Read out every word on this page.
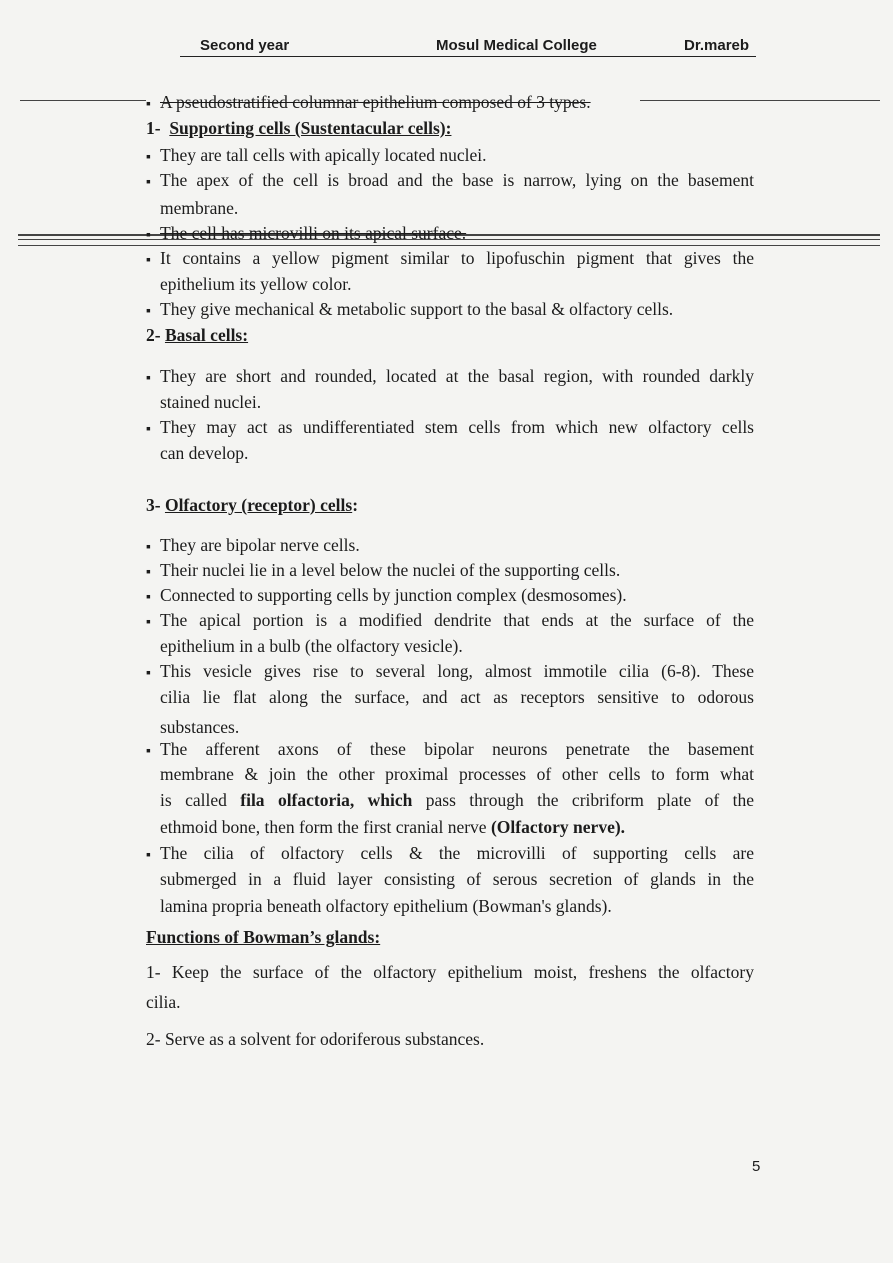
Second year	Mosul Medical College	Dr.mareb
▪ A pseudostratified columnar epithelium composed of 3 types.
1- Supporting cells (Sustentacular cells):
▪ They are tall cells with apically located nuclei.
▪ The apex of the cell is broad and the base is narrow, lying on the basement
membrane.
▪ The cell has microvilli on its apical surface.
▪ It contains a yellow pigment similar to lipofuschin pigment that gives the
epithelium its yellow color.
▪ They give mechanical & metabolic support to the basal & olfactory cells.
2- Basal cells:
▪ They are short and rounded, located at the basal region, with rounded darkly
stained nuclei.
▪ They may act as undifferentiated stem cells from which new olfactory cells
can develop.
3- Olfactory (receptor) cells:
▪ They are bipolar nerve cells.
▪ Their nuclei lie in a level below the nuclei of the supporting cells.
▪ Connected to supporting cells by junction complex (desmosomes).
▪ The apical portion is a modified dendrite that ends at the surface of the
epithelium in a bulb (the olfactory vesicle).
▪ This vesicle gives rise to several long, almost immotile cilia (6-8). These
cilia lie flat along the surface, and act as receptors sensitive to odorous
substances.
▪ The afferent axons of these bipolar neurons penetrate the basement
membrane & join the other proximal processes of other cells to form what
is called fila olfactoria, which pass through the cribriform plate of the
ethmoid bone, then form the first cranial nerve (Olfactory nerve).
▪ The cilia of olfactory cells & the microvilli of supporting cells are
submerged in a fluid layer consisting of serous secretion of glands in the
lamina propria beneath olfactory epithelium (Bowman's glands).
Functions of Bowman’s glands:
1- Keep the surface of the olfactory epithelium moist, freshens the olfactory
cilia.
2- Serve as a solvent for odoriferous substances.
5
